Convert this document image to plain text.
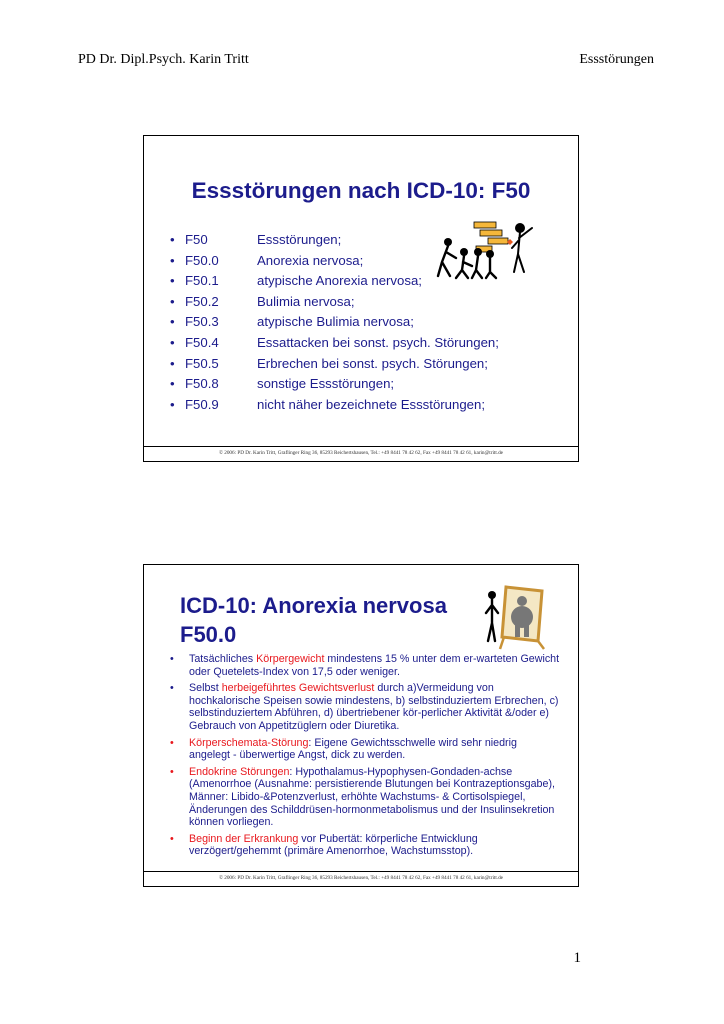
PD Dr. Dipl.Psych. Karin Tritt	Essstörungen
Essstörungen nach ICD-10: F50
• F50	Essstörungen;
• F50.0	Anorexia nervosa;
• F50.1	atypische Anorexia nervosa;
• F50.2	Bulimia nervosa;
• F50.3	atypische Bulimia nervosa;
• F50.4	Essattacken bei sonst. psych. Störungen;
• F50.5	Erbrechen bei sonst. psych. Störungen;
• F50.8	sonstige Essstörungen;
• F50.9	nicht näher bezeichnete Essstörungen;
© 2006: PD Dr. Karin Tritt, Graflinger Ring 36, 85293 Reichertshausen, Tel.: +49 8441 78 42 62, Fax +49 8441 78 42 61, karin@tritt.de
ICD-10: Anorexia nervosa
F50.0
• Tatsächliches Körpergewicht mindestens 15 % unter dem er-warteten Gewicht oder Quetelets-Index von 17,5 oder weniger.
• Selbst herbeigeführtes Gewichtsverlust durch a)Vermeidung von hochkalorische Speisen sowie mindestens, b) selbstinduziertem Erbrechen, c) selbstinduziertem Abführen, d) übertriebener kör-perlicher Aktivität &/oder e) Gebrauch von Appetitzüglern oder Diuretika.
• Körperschemata-Störung: Eigene Gewichtsschwelle wird sehr niedrig angelegt - überwertige Angst, dick zu werden.
• Endokrine Störungen: Hypothalamus-Hypophysen-Gondaden-achse (Amenorrhoe (Ausnahme: persistierende Blutungen bei Kontrazeptionsgabe), Männer: Libido-&Potenzverlust, erhöhte Wachstums- & Cortisolspiegel, Änderungen des Schilddrüsen-hormonmetabolismus und der Insulinsekretion können vorliegen.
• Beginn der Erkrankung vor Pubertät: körperliche Entwicklung verzögert/gehemmt (primäre Amenorrhoe, Wachstumsstop).
© 2006: PD Dr. Karin Tritt, Graflinger Ring 36, 85293 Reichertshausen, Tel.: +49 8441 78 42 62, Fax +49 8441 78 42 61, karin@tritt.de
1
